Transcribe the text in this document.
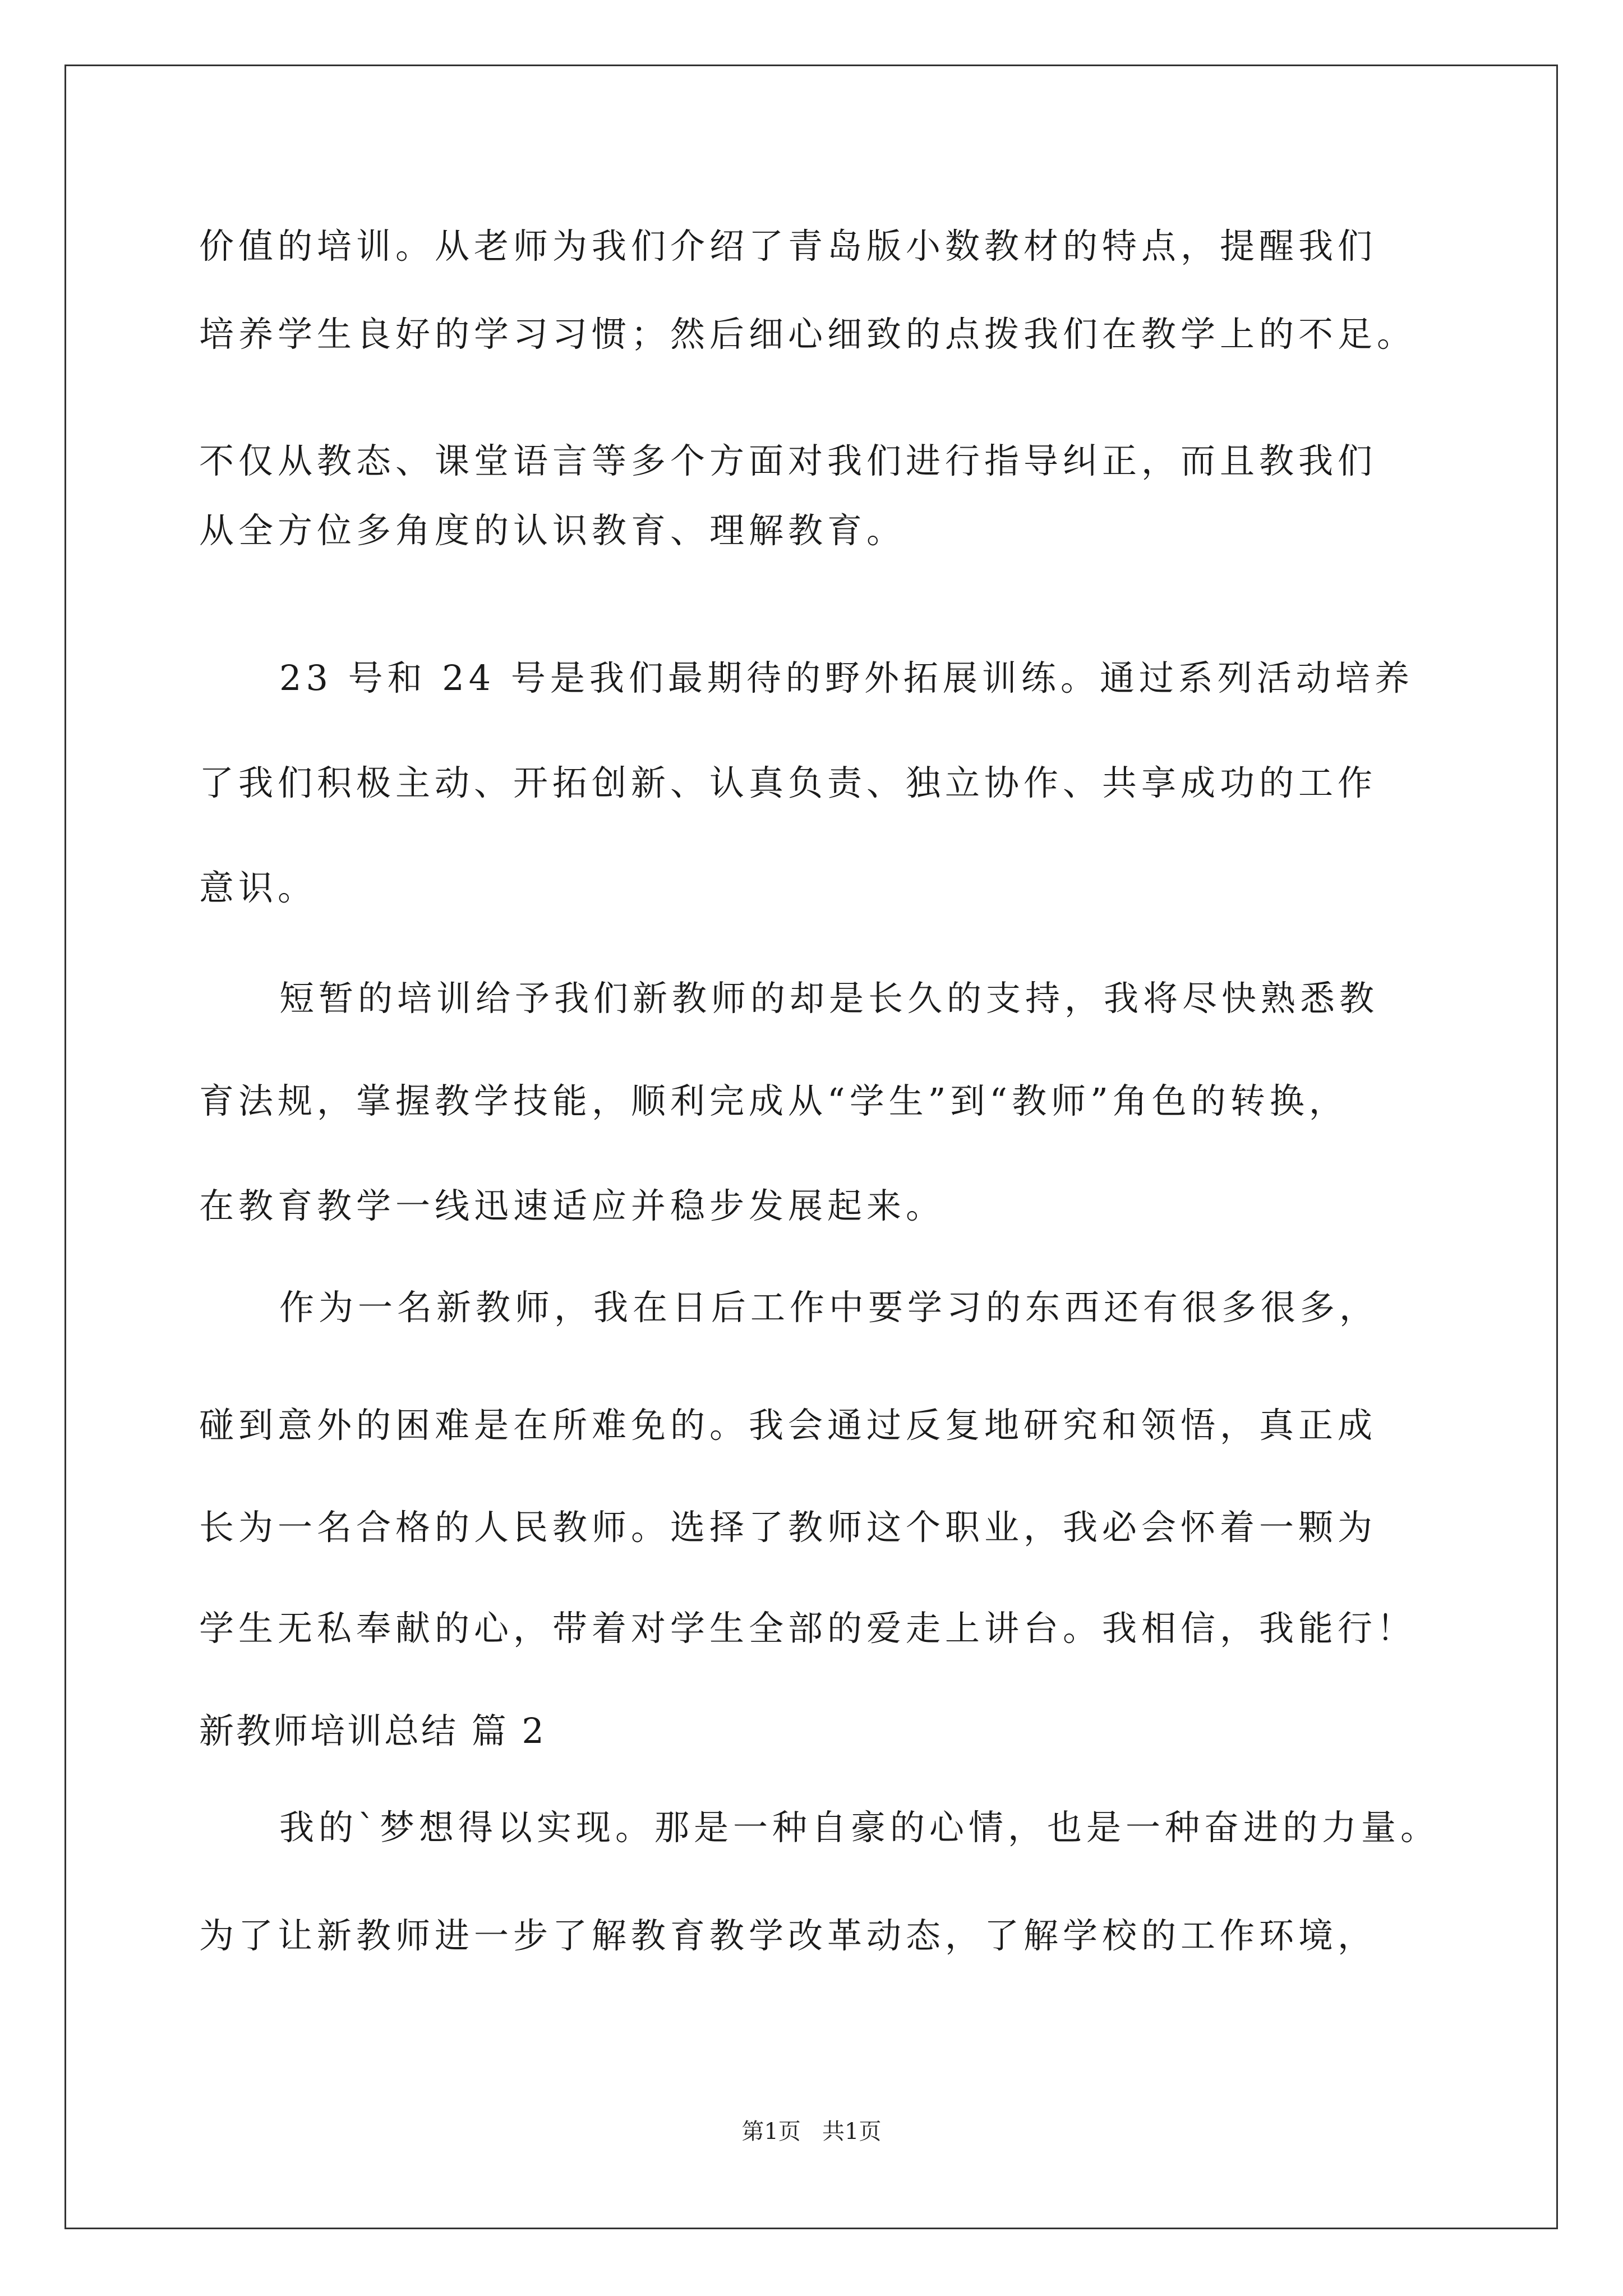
价值的培训。从老师为我们介绍了青岛版小数教材的特点，提醒我们
培养学生良好的学习习惯；然后细心细致的点拨我们在教学上的不足。
不仅从教态、课堂语言等多个方面对我们进行指导纠正，而且教我们
从全方位多角度的认识教育、理解教育。
23 号和 24 号是我们最期待的野外拓展训练。通过系列活动培养
了我们积极主动、开拓创新、认真负责、独立协作、共享成功的工作
意识。
短暂的培训给予我们新教师的却是长久的支持，我将尽快熟悉教
育法规，掌握教学技能，顺利完成从“学生”到“教师”角色的转换，
在教育教学一线迅速适应并稳步发展起来。
作为一名新教师，我在日后工作中要学习的东西还有很多很多，
碰到意外的困难是在所难免的。我会通过反复地研究和领悟，真正成
长为一名合格的人民教师。选择了教师这个职业，我必会怀着一颗为
学生无私奉献的心，带着对学生全部的爱走上讲台。我相信，我能行！
新教师培训总结 篇 2
我的`梦想得以实现。那是一种自豪的心情，也是一种奋进的力量。
为了让新教师进一步了解教育教学改革动态，了解学校的工作环境，
第1页   共1页
